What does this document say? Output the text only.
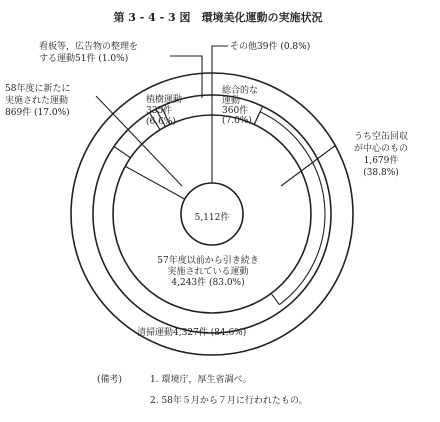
第 3 - 4 - 3 図　環境美化運動の実施状況
植樹運動
335件
(6.6%)
総合的な
運動
360件
(7.0%)
看板等，広告物の整理を
する運動51件 (1.0%)
その他39件 (0.8%)
57年度以前から引き続き
実施されている運動
4,243件 (83.0%)
58年度に新たに
実施された運動
869件 (17.0%)
清掃運動4,327件 (84.6%)
うち空缶回収
が中心のもの
1,679件
(38.8%)
5,112件
(備考)	1. 環境庁，厚生省調べ。
2. 58年５月から７月に行われたもの。
